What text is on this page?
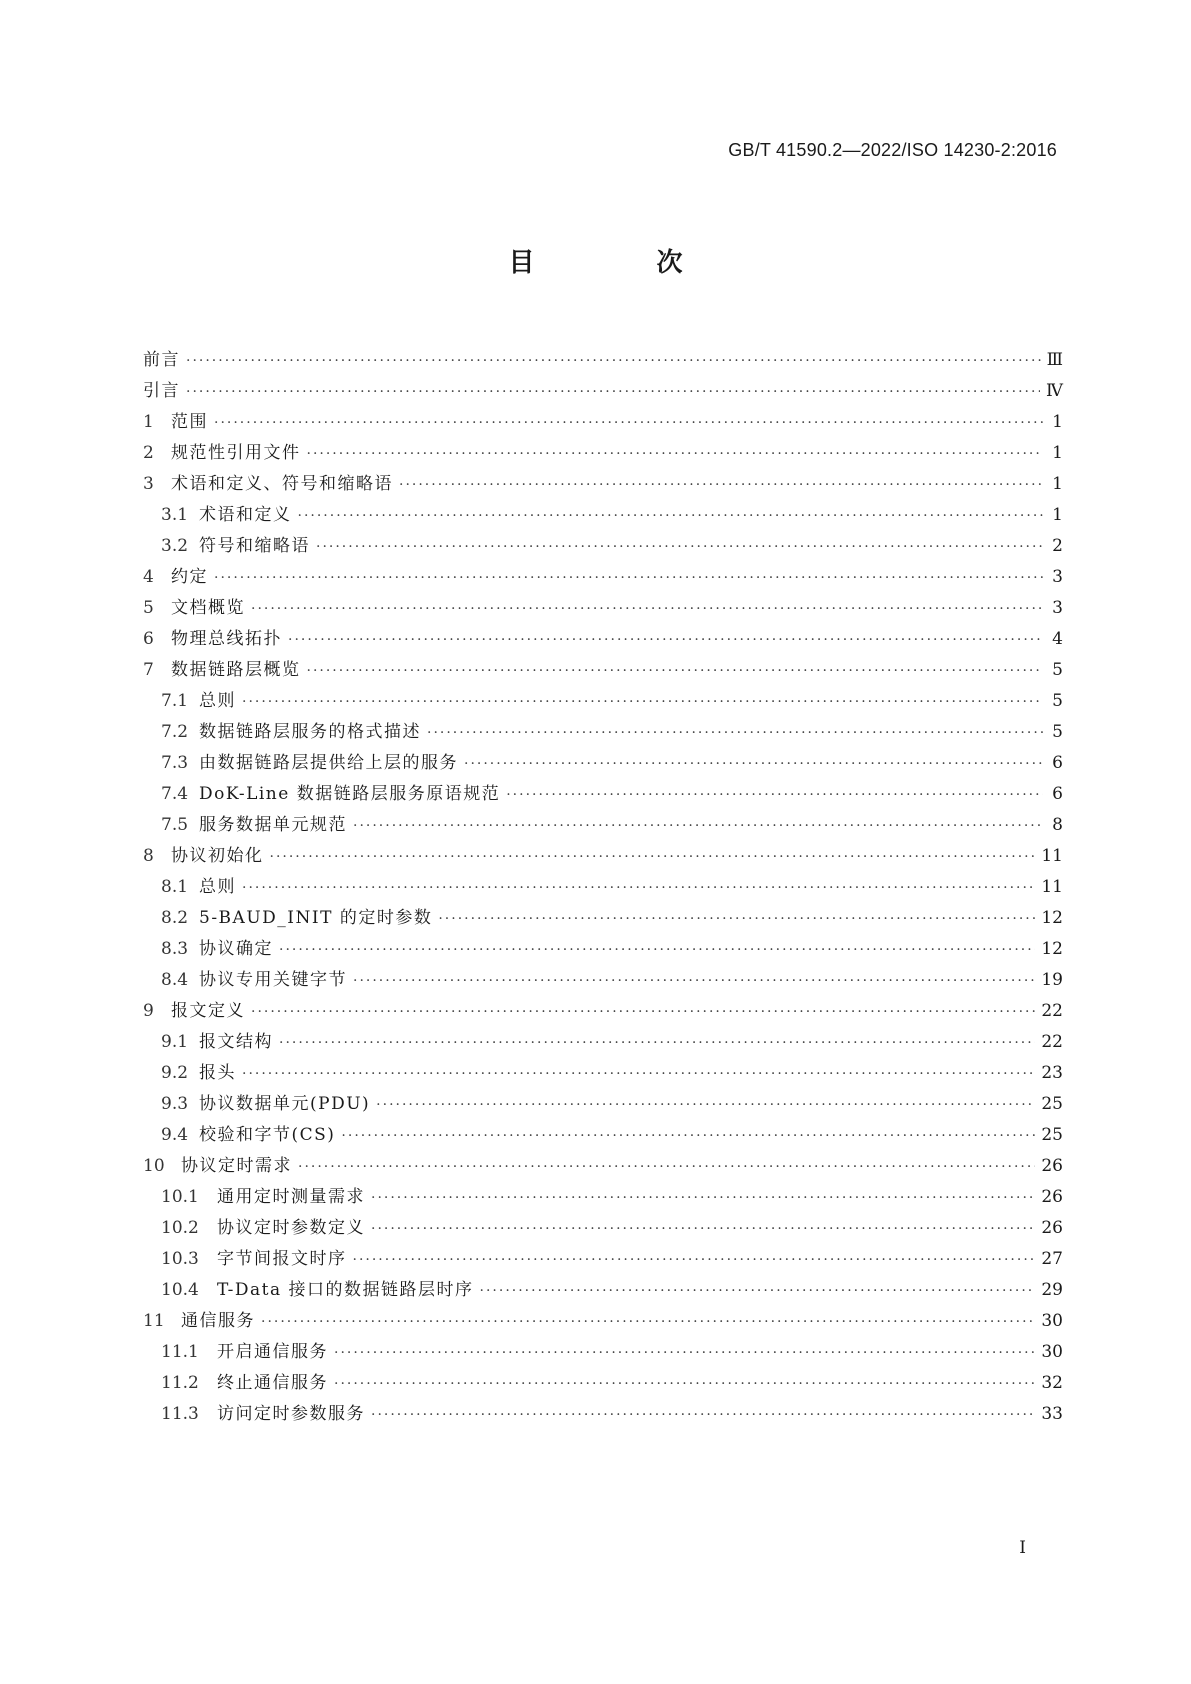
GB/T 41590.2—2022/ISO 14230-2:2016
目　次
前言 ·····	Ⅲ
引言 ·····	Ⅳ
1	范围 ·····	1
2	规范性引用文件 ·····	1
3	术语和定义、符号和缩略语 ·····	1
3.1 术语和定义 ·····	1
3.2 符号和缩略语 ·····	2
4	约定 ·····	3
5	文档概览 ·····	3
6	物理总线拓扑 ·····	4
7	数据链路层概览 ·····	5
7.1 总则 ·····	5
7.2 数据链路层服务的格式描述 ·····	5
7.3 由数据链路层提供给上层的服务 ·····	6
7.4 DoK-Line 数据链路层服务原语规范 ·····	6
7.5 服务数据单元规范 ·····	8
8	协议初始化 ·····	11
8.1 总则 ·····	11
8.2 5-BAUD_INIT 的定时参数 ·····	12
8.3 协议确定 ·····	12
8.4 协议专用关键字节 ·····	19
9	报文定义 ·····	22
9.1 报文结构 ·····	22
9.2 报头 ·····	23
9.3 协议数据单元(PDU) ·····	25
9.4 校验和字节(CS) ·····	25
10 协议定时需求 ·····	26
10.1	通用定时测量需求 ·····	26
10.2	协议定时参数定义 ·····	26
10.3	字节间报文时序 ·····	27
10.4	T-Data 接口的数据链路层时序 ·····	29
11 通信服务 ·····	30
11.1	开启通信服务 ·····	30
11.2	终止通信服务 ·····	32
11.3	访问定时参数服务 ·····	33
I
